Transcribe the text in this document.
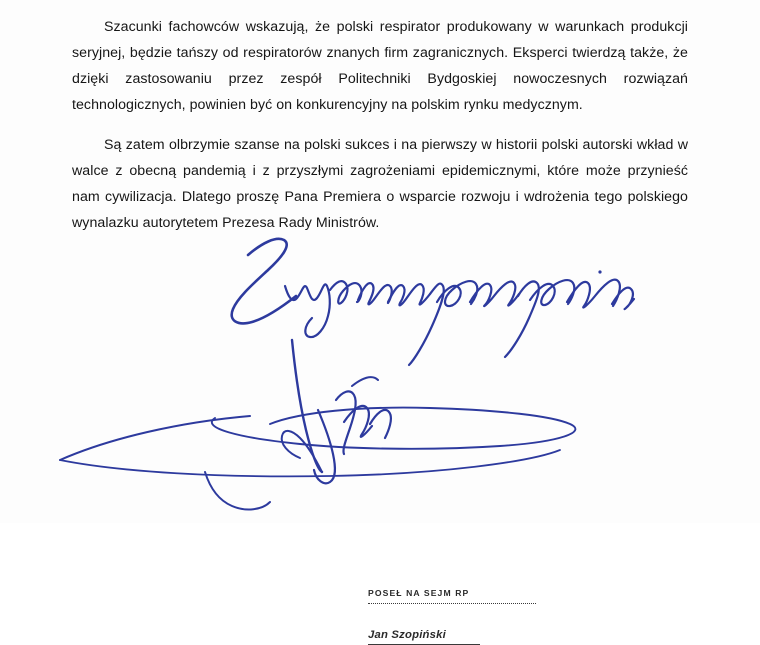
Szacunki fachowców wskazują, że polski respirator produkowany w warunkach produkcji seryjnej, będzie tańszy od respiratorów znanych firm zagranicznych. Eksperci twierdzą także, że dzięki zastosowaniu przez zespół Politechniki Bydgoskiej nowoczesnych rozwiązań technologicznych, powinien być on konkurencyjny na polskim rynku medycznym.

Są zatem olbrzymie szanse na polski sukces i na pierwszy w historii polski autorski wkład w walce z obecną pandemią i z przyszłymi zagrożeniami epidemicznymi, które może przynieść nam cywilizacja. Dlatego proszę Pana Premiera o wsparcie rozwoju i wdrożenia tego polskiego wynalazku autorytetem Prezesa Rady Ministrów.

POSEŁ NA SEJM RP
Jan Szopiński
